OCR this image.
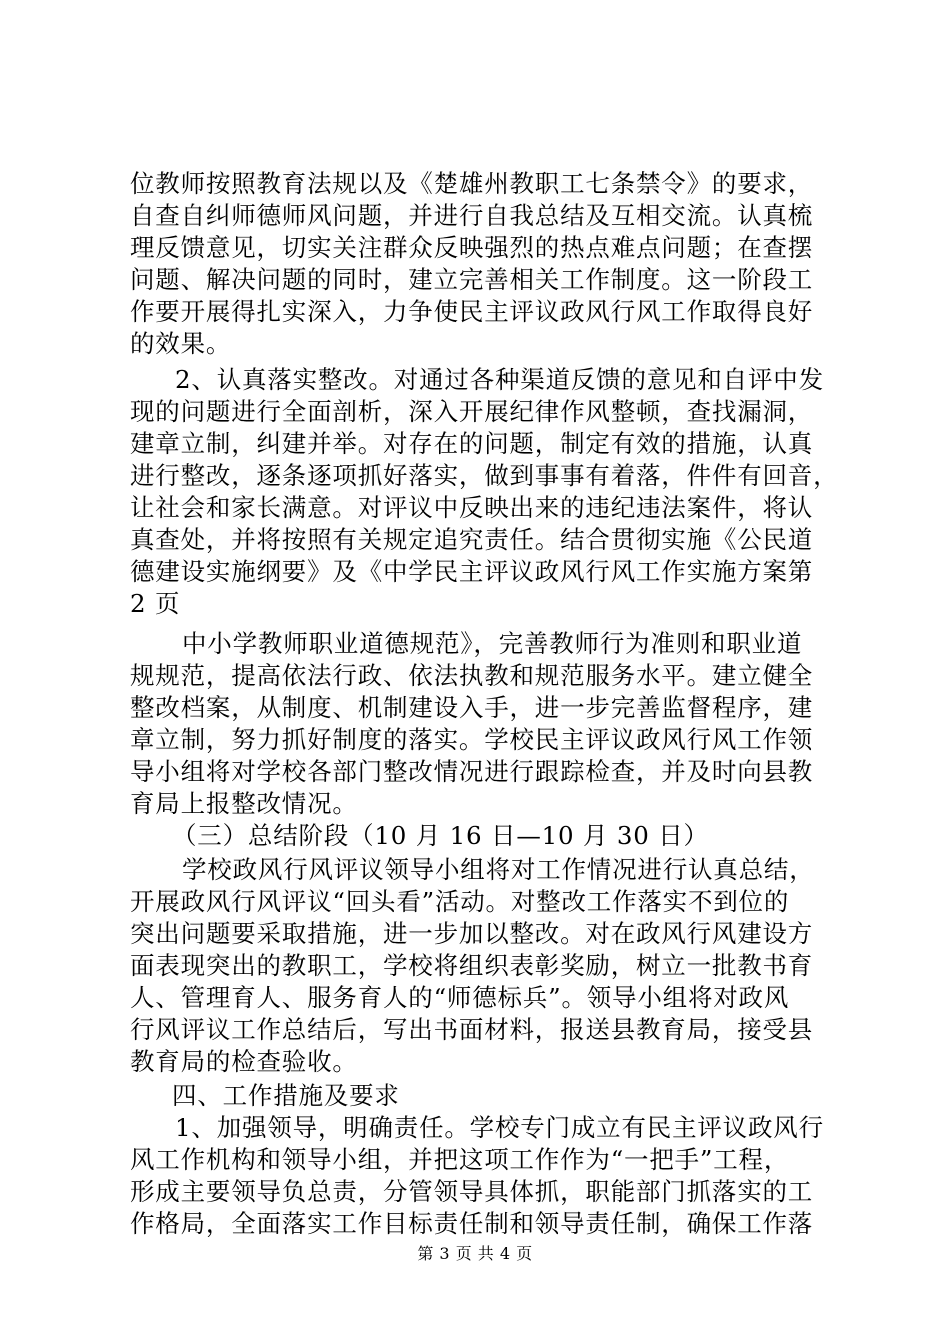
位教师按照教育法规以及《楚雄州教职工七条禁令》的要求，
自查自纠师德师风问题，并进行自我总结及互相交流。认真梳
理反馈意见，切实关注群众反映强烈的热点难点问题；在查摆
问题、解决问题的同时，建立完善相关工作制度。这一阶段工
作要开展得扎实深入，力争使民主评议政风行风工作取得良好
的效果。
2、认真落实整改。对通过各种渠道反馈的意见和自评中发
现的问题进行全面剖析，深入开展纪律作风整顿，查找漏洞，
建章立制，纠建并举。对存在的问题，制定有效的措施，认真
进行整改，逐条逐项抓好落实，做到事事有着落，件件有回音，
让社会和家长满意。对评议中反映出来的违纪违法案件，将认
真查处，并将按照有关规定追究责任。结合贯彻实施《公民道
德建设实施纲要》及《中学民主评议政风行风工作实施方案第
2 页
中小学教师职业道德规范》，完善教师行为准则和职业道
规规范，提高依法行政、依法执教和规范服务水平。建立健全
整改档案，从制度、机制建设入手，进一步完善监督程序，建
章立制，努力抓好制度的落实。学校民主评议政风行风工作领
导小组将对学校各部门整改情况进行跟踪检查，并及时向县教
育局上报整改情况。
（三）总结阶段（10 月 16 日—10 月 30 日）
学校政风行风评议领导小组将对工作情况进行认真总结，
开展政风行风评议“回头看”活动。对整改工作落实不到位的
突出问题要采取措施，进一步加以整改。对在政风行风建设方
面表现突出的教职工，学校将组织表彰奖励，树立一批教书育
人、管理育人、服务育人的“师德标兵”。领导小组将对政风
行风评议工作总结后，写出书面材料，报送县教育局，接受县
教育局的检查验收。
四、工作措施及要求
1、加强领导，明确责任。学校专门成立有民主评议政风行
风工作机构和领导小组，并把这项工作作为“一把手”工程，
形成主要领导负总责，分管领导具体抓，职能部门抓落实的工
作格局，全面落实工作目标责任制和领导责任制，确保工作落
第 3 页 共 4 页
